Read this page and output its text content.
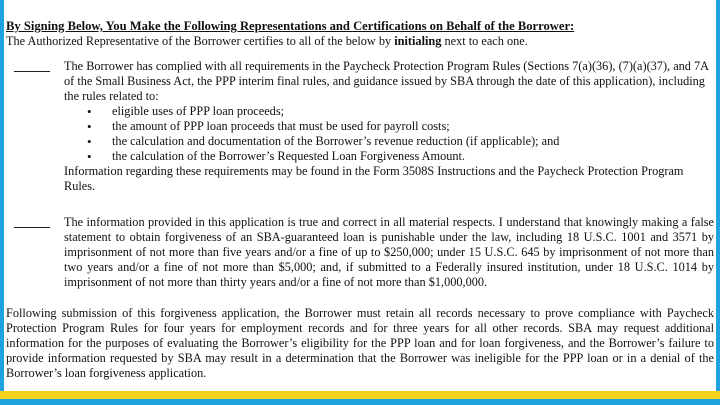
By Signing Below, You Make the Following Representations and Certifications on Behalf of the Borrower:
The Authorized Representative of the Borrower certifies to all of the below by initialing next to each one.
The Borrower has complied with all requirements in the Paycheck Protection Program Rules (Sections 7(a)(36), (7)(a)(37), and 7A of the Small Business Act, the PPP interim final rules, and guidance issued by SBA through the date of this application), including the rules related to:
• eligible uses of PPP loan proceeds;
• the amount of PPP loan proceeds that must be used for payroll costs;
• the calculation and documentation of the Borrower’s revenue reduction (if applicable); and
• the calculation of the Borrower’s Requested Loan Forgiveness Amount.
Information regarding these requirements may be found in the Form 3508S Instructions and the Paycheck Protection Program Rules.
The information provided in this application is true and correct in all material respects. I understand that knowingly making a false statement to obtain forgiveness of an SBA-guaranteed loan is punishable under the law, including 18 U.S.C. 1001 and 3571 by imprisonment of not more than five years and/or a fine of up to $250,000; under 15 U.S.C. 645 by imprisonment of not more than two years and/or a fine of not more than $5,000; and, if submitted to a Federally insured institution, under 18 U.S.C. 1014 by imprisonment of not more than thirty years and/or a fine of not more than $1,000,000.
Following submission of this forgiveness application, the Borrower must retain all records necessary to prove compliance with Paycheck Protection Program Rules for four years for employment records and for three years for all other records. SBA may request additional information for the purposes of evaluating the Borrower’s eligibility for the PPP loan and for loan forgiveness, and the Borrower’s failure to provide information requested by SBA may result in a determination that the Borrower was ineligible for the PPP loan or in a denial of the Borrower’s loan forgiveness application.
